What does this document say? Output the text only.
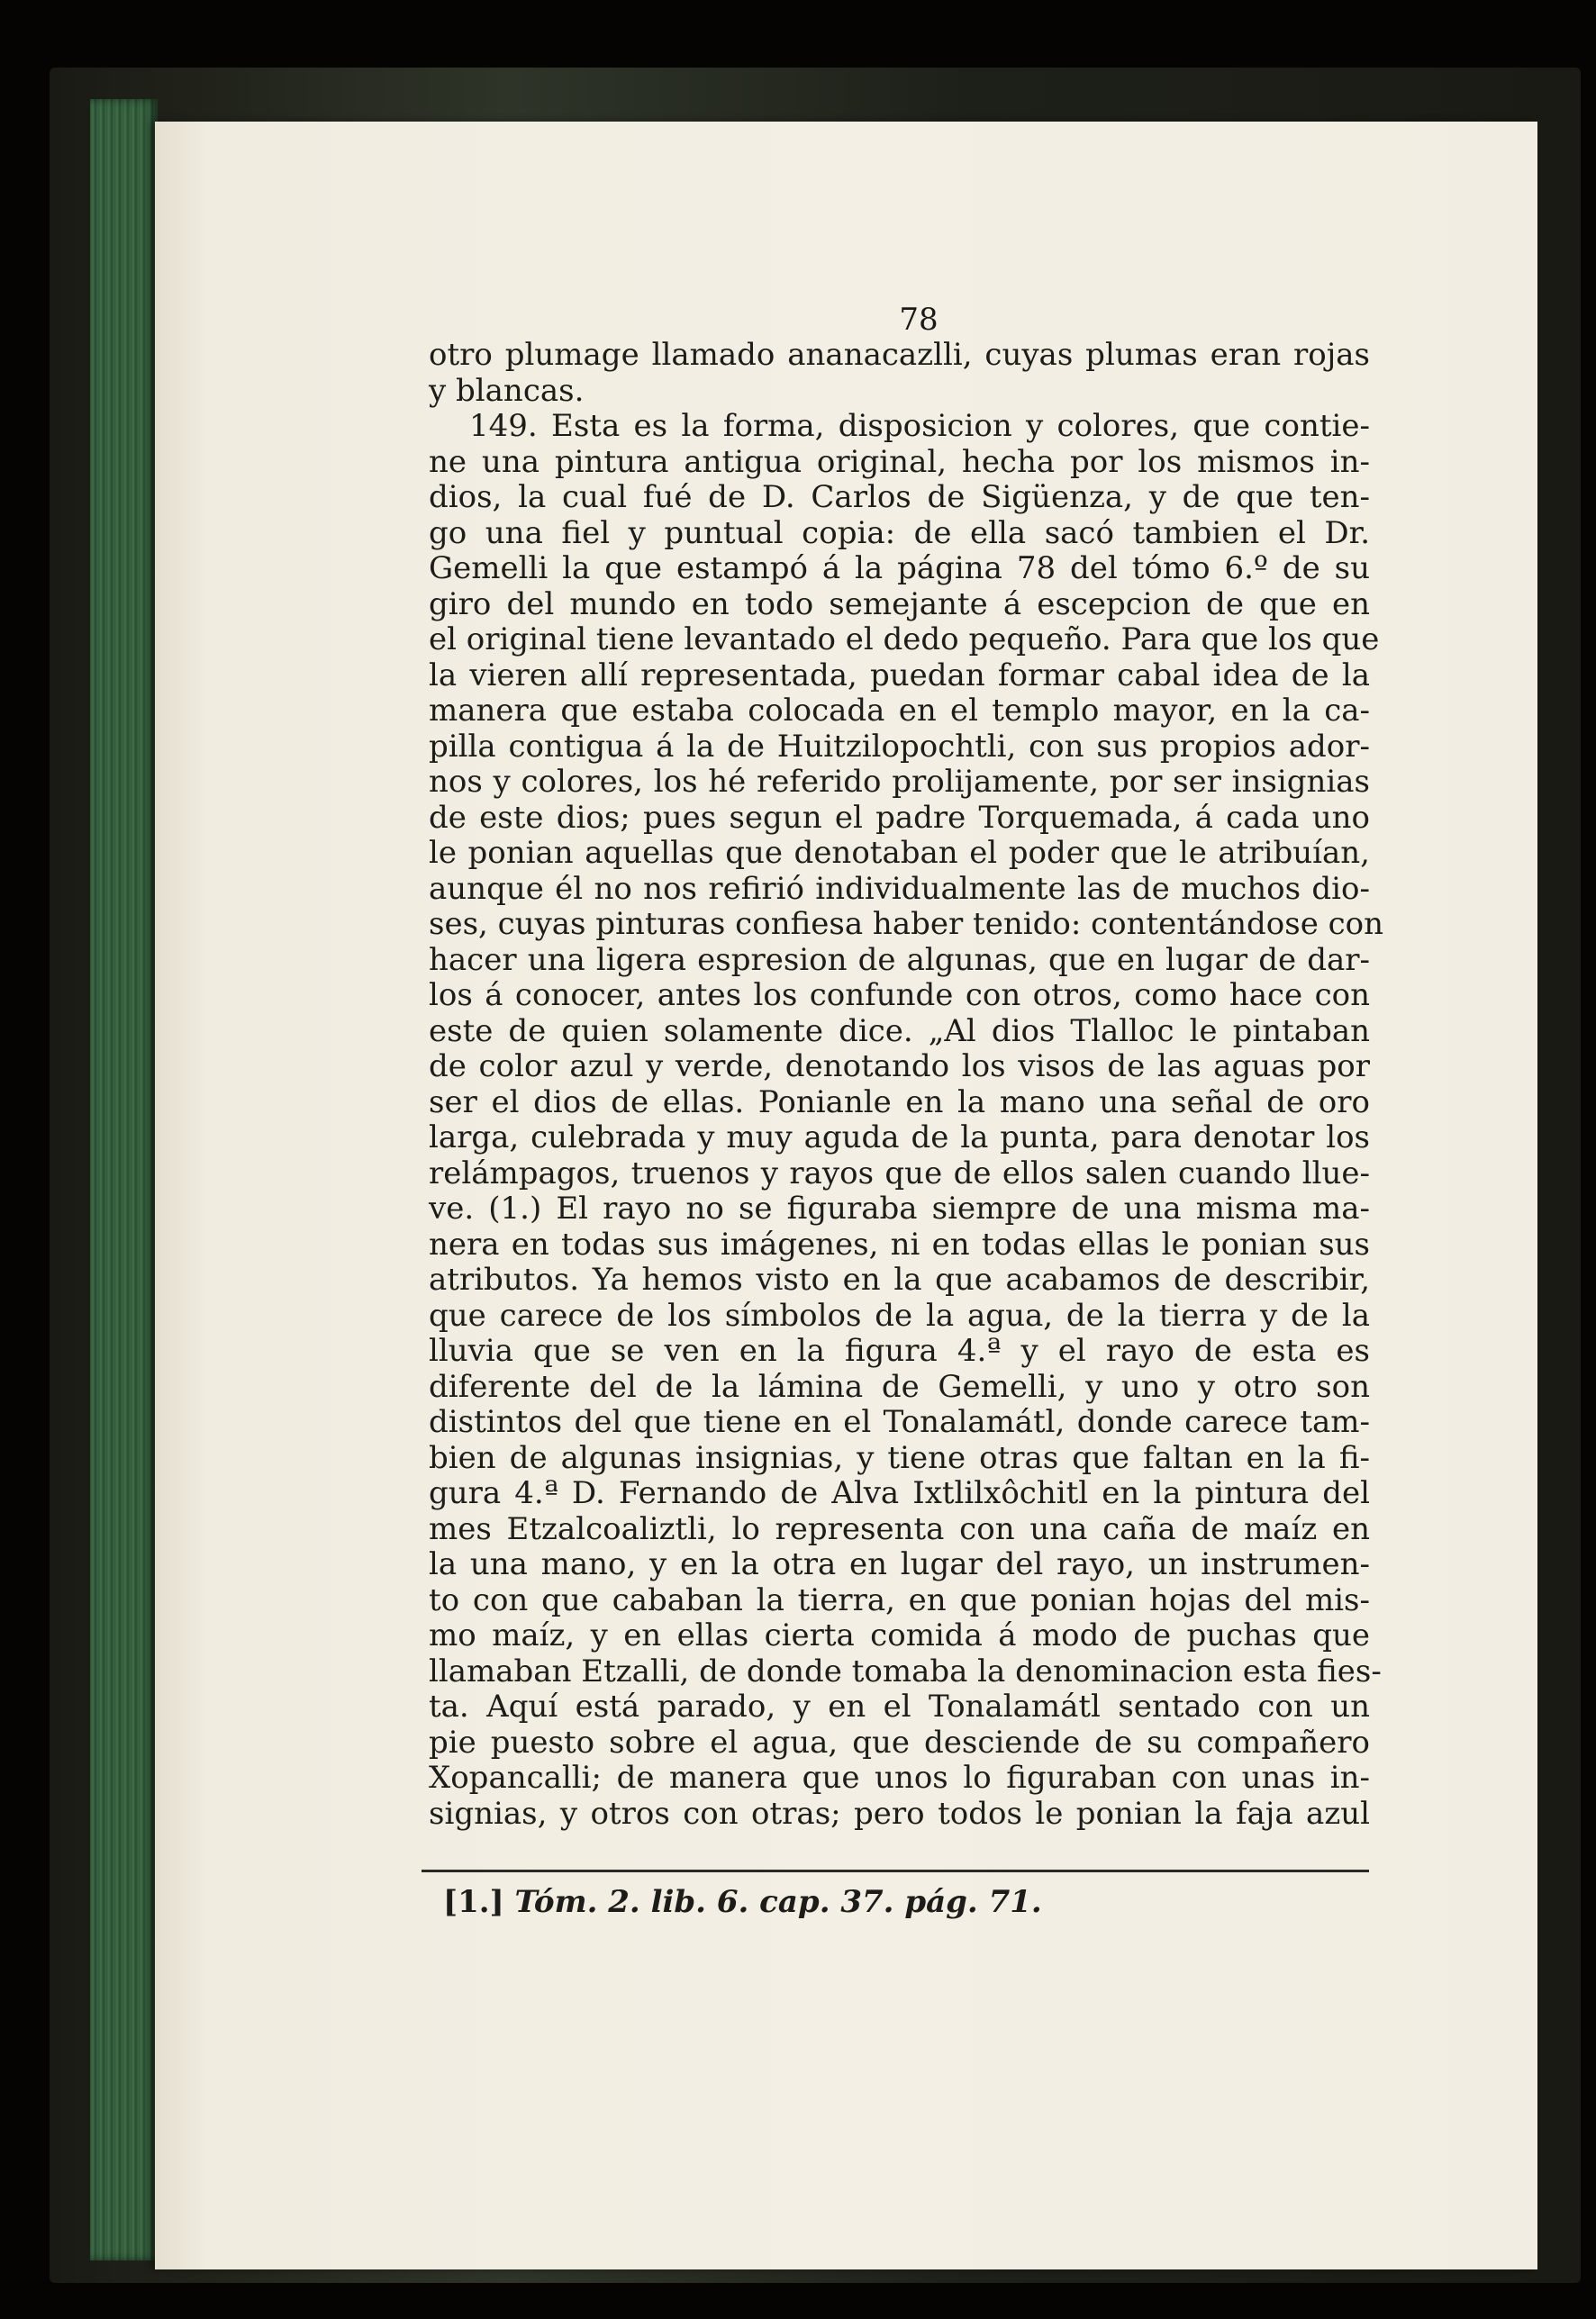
78
otro plumage llamado ananacazlli, cuyas plumas eran rojas
y blancas.
149. Esta es la forma, disposicion y colores, que contie-
ne una pintura antigua original, hecha por los mismos in-
dios, la cual fué de D. Carlos de Sigüenza, y de que ten-
go una fiel y puntual copia: de ella sacó tambien el Dr.
Gemelli la que estampó á la página 78 del tómo 6.º de su
giro del mundo en todo semejante á escepcion de que en
el original tiene levantado el dedo pequeño. Para que los que
la vieren allí representada, puedan formar cabal idea de la
manera que estaba colocada en el templo mayor, en la ca-
pilla contigua á la de Huitzilopochtli, con sus propios ador-
nos y colores, los hé referido prolijamente, por ser insignias
de este dios; pues segun el padre Torquemada, á cada uno
le ponian aquellas que denotaban el poder que le atribuían,
aunque él no nos refirió individualmente las de muchos dio-
ses, cuyas pinturas confiesa haber tenido: contentándose con
hacer una ligera espresion de algunas, que en lugar de dar-
los á conocer, antes los confunde con otros, como hace con
este de quien solamente dice. „Al dios Tlalloc le pintaban
de color azul y verde, denotando los visos de las aguas por
ser el dios de ellas. Ponianle en la mano una señal de oro
larga, culebrada y muy aguda de la punta, para denotar los
relámpagos, truenos y rayos que de ellos salen cuando llue-
ve. (1.) El rayo no se figuraba siempre de una misma ma-
nera en todas sus imágenes, ni en todas ellas le ponian sus
atributos. Ya hemos visto en la que acabamos de describir,
que carece de los símbolos de la agua, de la tierra y de la
lluvia que se ven en la figura 4.ª y el rayo de esta es
diferente del de la lámina de Gemelli, y uno y otro son
distintos del que tiene en el Tonalamátl, donde carece tam-
bien de algunas insignias, y tiene otras que faltan en la fi-
gura 4.ª D. Fernando de Alva Ixtlilxôchitl en la pintura del
mes Etzalcoaliztli, lo representa con una caña de maíz en
la una mano, y en la otra en lugar del rayo, un instrumen-
to con que cababan la tierra, en que ponian hojas del mis-
mo maíz, y en ellas cierta comida á modo de puchas que
llamaban Etzalli, de donde tomaba la denominacion esta fies-
ta. Aquí está parado, y en el Tonalamátl sentado con un
pie puesto sobre el agua, que desciende de su compañero
Xopancalli; de manera que unos lo figuraban con unas in-
signias, y otros con otras; pero todos le ponian la faja azul
[1.] Tóm. 2. lib. 6. cap. 37. pág. 71.
